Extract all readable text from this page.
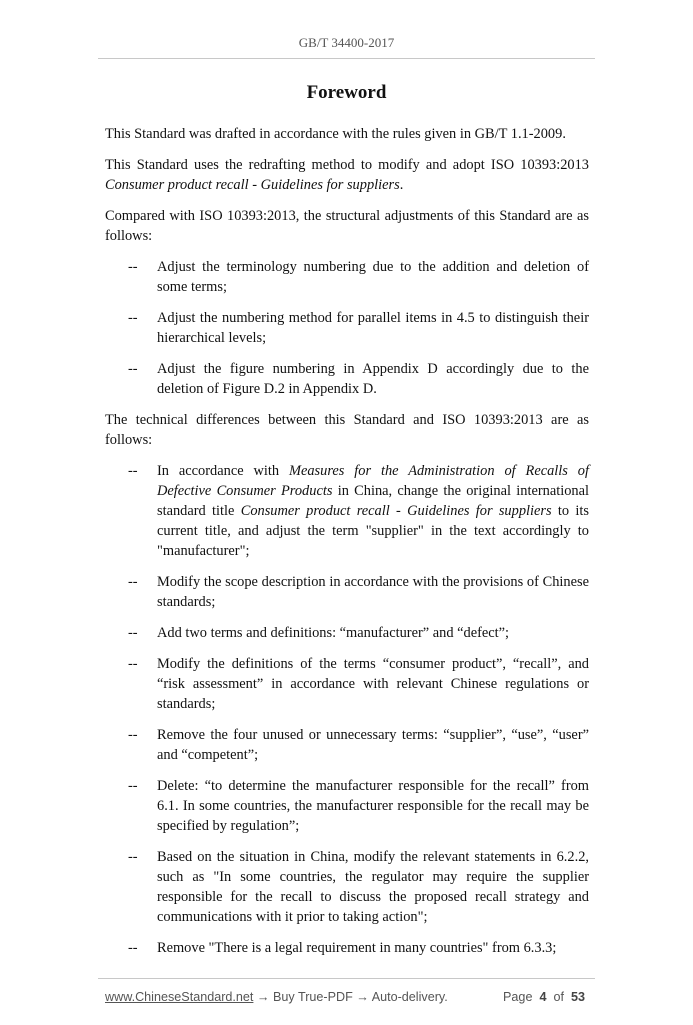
GB/T 34400-2017
Foreword

This Standard was drafted in accordance with the rules given in GB/T 1.1-2009.

This Standard uses the redrafting method to modify and adopt ISO 10393:2013 Consumer product recall - Guidelines for suppliers.

Compared with ISO 10393:2013, the structural adjustments of this Standard are as follows:

--	Adjust the terminology numbering due to the addition and deletion of some terms;
--	Adjust the numbering method for parallel items in 4.5 to distinguish their hierarchical levels;
--	Adjust the figure numbering in Appendix D accordingly due to the deletion of Figure D.2 in Appendix D.

The technical differences between this Standard and ISO 10393:2013 are as follows:

--	In accordance with Measures for the Administration of Recalls of Defective Consumer Products in China, change the original international standard title Consumer product recall - Guidelines for suppliers to its current title, and adjust the term "supplier" in the text accordingly to "manufacturer";
--	Modify the scope description in accordance with the provisions of Chinese standards;
--	Add two terms and definitions: “manufacturer” and “defect”;
--	Modify the definitions of the terms “consumer product”, “recall”, and “risk assessment” in accordance with relevant Chinese regulations or standards;
--	Remove the four unused or unnecessary terms: “supplier”, “use”, “user” and “competent”;
--	Delete: “to determine the manufacturer responsible for the recall” from 6.1. In some countries, the manufacturer responsible for the recall may be specified by regulation”;
--	Based on the situation in China, modify the relevant statements in 6.2.2, such as "In some countries, the regulator may require the supplier responsible for the recall to discuss the proposed recall strategy and communications with it prior to taking action";
--	Remove "There is a legal requirement in many countries" from 6.3.3;
www.ChineseStandard.net → Buy True-PDF → Auto-delivery.	Page 4 of 53
